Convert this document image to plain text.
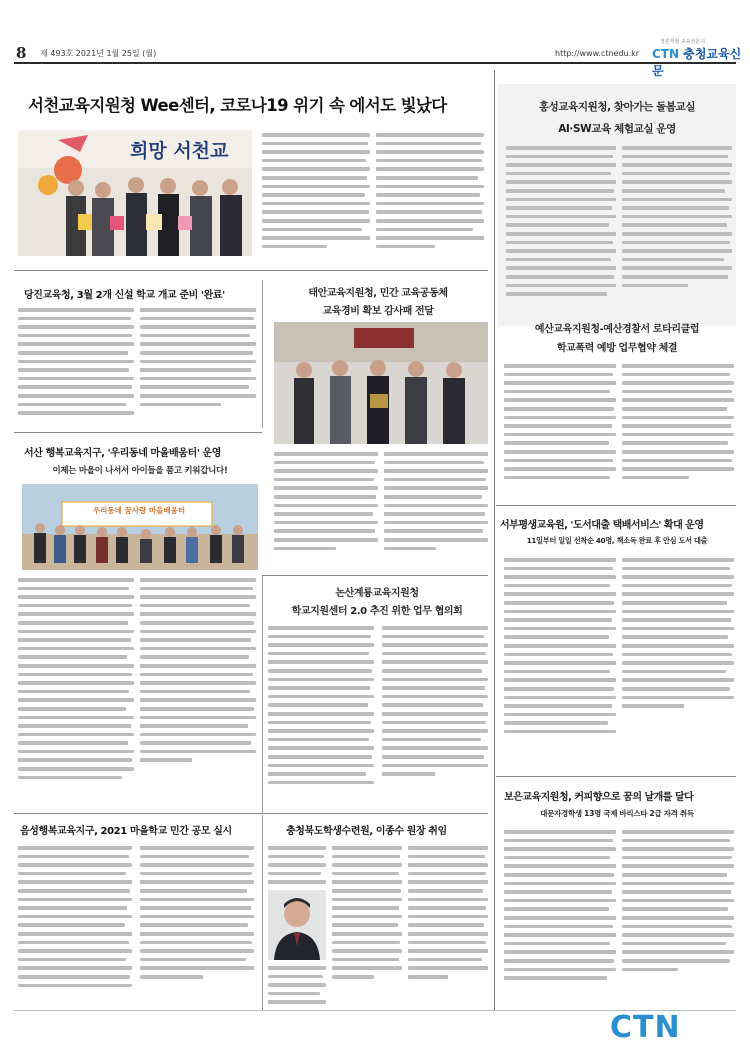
8 제 493호 2021년 1월 25일 (월)	http://www.ctnedu.kr
정론직필 교육전문지
CTN 충청교육신문
서천교육지원청 Wee센터, 코로나19 위기 속 에서도 빛났다
희망 서천교
당진교육청, 3월 2개 신설 학교 개교 준비 '완료'	태안교육지원청, 민간 교육공동체
교육경비 확보 감사패 전달
서산 행복교육지구, '우리동네 마을배움터' 운영
이제는 마을이 나서서 아이들을 품고 키워갑니다!
우리동네 꿈사랑 마을배움터
논산계룡교육지원청
학교지원센터 2.0 추진 위한 업무 협의회
음성행복교육지구, 2021 마을학교 민간 공모 실시	충청북도학생수련원, 이종수 원장 취임
홍성교육지원청, 찾아가는 돌봄교실
AI·SW교육 체험교실 운영
예산교육지원청-예산경찰서 로타리클럽
학교폭력 예방 업무협약 체결
서부평생교육원, '도서대출 택배서비스' 확대 운영
11일부터 일일 선착순 40명, 책소독 완료 후 안심 도서 대출
보은교육지원청, 커피향으로 꿈의 날개를 달다
대문자경학생 13명 국제 바리스타 2급 자격 취득
CTN
